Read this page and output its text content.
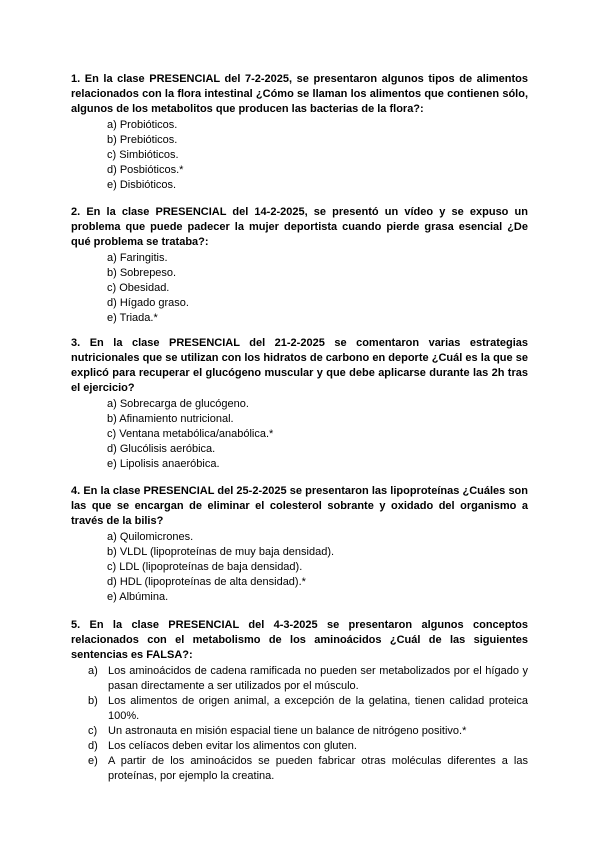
1. En la clase PRESENCIAL del 7-2-2025, se presentaron algunos tipos de alimentos relacionados con la flora intestinal ¿Cómo se llaman los alimentos que contienen sólo, algunos de los metabolitos que producen las bacterias de la flora?:

a) Probióticos.
b) Prebióticos.
c) Simbióticos.
d) Posbióticos.*
e) Disbióticos.

2. En la clase PRESENCIAL del 14-2-2025, se presentó un vídeo y se expuso un problema que puede padecer la mujer deportista cuando pierde grasa esencial ¿De qué problema se trataba?:

a) Faringitis.
b) Sobrepeso.
c) Obesidad.
d) Hígado graso.
e) Triada.*

3. En la clase PRESENCIAL del 21-2-2025 se comentaron varias estrategias nutricionales que se utilizan con los hidratos de carbono en deporte ¿Cuál es la que se explicó para recuperar el glucógeno muscular y que debe aplicarse durante las 2h tras el ejercicio?

a) Sobrecarga de glucógeno.
b) Afinamiento nutricional.
c) Ventana metabólica/anabólica.*
d) Glucólisis aeróbica.
e) Lipolisis anaeróbica.

4. En la clase PRESENCIAL del 25-2-2025 se presentaron las lipoproteínas ¿Cuáles son las que se encargan de eliminar el colesterol sobrante y oxidado del organismo a través de la bilis?

a) Quilomicrones.
b) VLDL (lipoproteínas de muy baja densidad).
c) LDL (lipoproteínas de baja densidad).
d) HDL (lipoproteínas de alta densidad).*
e) Albúmina.

5. En la clase PRESENCIAL del 4-3-2025 se presentaron algunos conceptos relacionados con el metabolismo de los aminoácidos ¿Cuál de las siguientes sentencias es FALSA?:

a) Los aminoácidos de cadena ramificada no pueden ser metabolizados por el hígado y pasan directamente a ser utilizados por el músculo.
b) Los alimentos de origen animal, a excepción de la gelatina, tienen calidad proteica 100%.
c) Un astronauta en misión espacial tiene un balance de nitrógeno positivo.*
d) Los celíacos deben evitar los alimentos con gluten.
e) A partir de los aminoácidos se pueden fabricar otras moléculas diferentes a las proteínas, por ejemplo la creatina.
